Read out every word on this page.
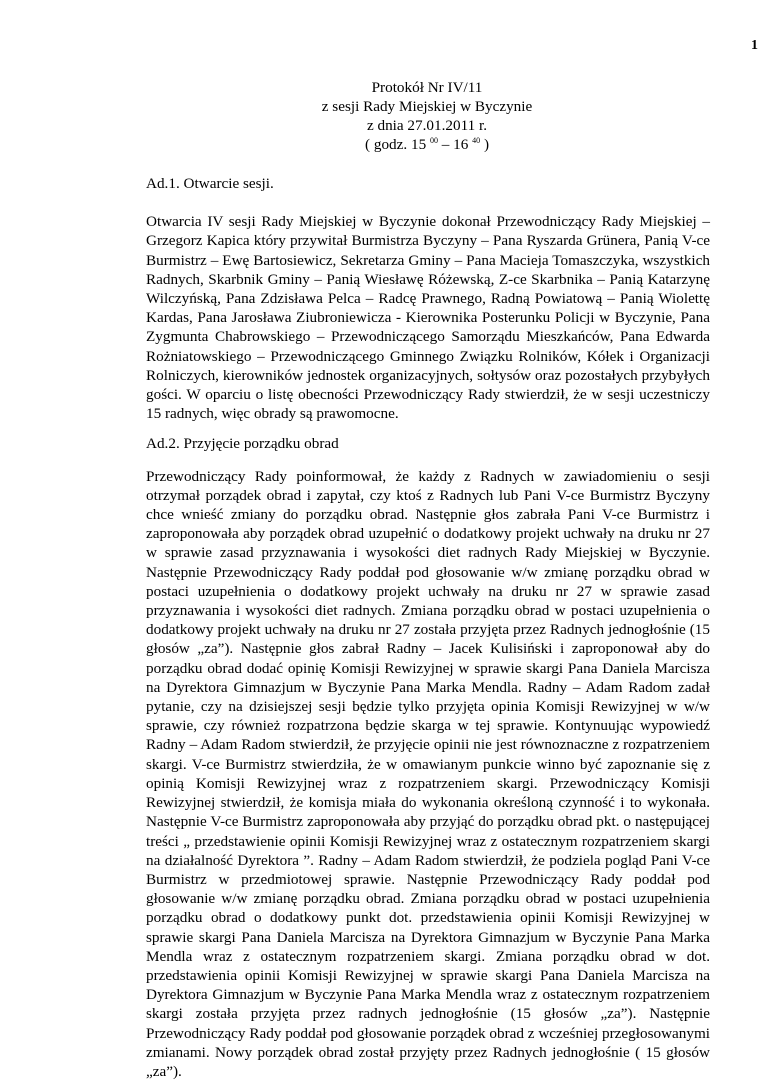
1
Protokół Nr IV/11
z sesji Rady Miejskiej w Byczynie
z dnia 27.01.2011 r.
( godz. 15 $^{00}$ – 16 $^{40}$ )

Ad.1. Otwarcie sesji.

Otwarcia IV sesji Rady Miejskiej w Byczynie dokonał Przewodniczący Rady Miejskiej – Grzegorz Kapica który przywitał Burmistrza Byczyny – Pana Ryszarda Grünera, Panią V-ce Burmistrz – Ewę Bartosiewicz, Sekretarza Gminy – Pana Macieja Tomaszczyka, wszystkich Radnych, Skarbnik Gminy – Panią Wiesławę Różewską, Z-ce Skarbnika – Panią Katarzynę Wilczyńską, Pana Zdzisława Pelca – Radcę Prawnego, Radną Powiatową – Panią Wiolettę Kardas, Pana Jarosława Ziubroniewicza - Kierownika Posterunku Policji w Byczynie, Pana Zygmunta Chabrowskiego – Przewodniczącego Samorządu Mieszkańców, Pana Edwarda Rożniatowskiego – Przewodniczącego Gminnego Związku Rolników, Kółek i Organizacji Rolniczych, kierowników jednostek organizacyjnych, sołtysów oraz pozostałych przybyłych gości. W oparciu o listę obecności Przewodniczący Rady stwierdził, że w sesji uczestniczy 15 radnych, więc obrady są prawomocne.

Ad.2. Przyjęcie porządku obrad

Przewodniczący Rady poinformował, że każdy z Radnych w zawiadomieniu o sesji otrzymał porządek obrad i zapytał, czy ktoś z Radnych lub Pani V-ce Burmistrz Byczyny chce wnieść zmiany do porządku obrad. Następnie głos zabrała Pani V-ce Burmistrz i zaproponowała aby porządek obrad uzupełnić o dodatkowy projekt uchwały na druku nr 27 w sprawie zasad przyznawania i wysokości diet radnych Rady Miejskiej w Byczynie. Następnie Przewodniczący Rady poddał pod głosowanie w/w zmianę porządku obrad w postaci uzupełnienia o dodatkowy projekt uchwały na druku nr 27 w sprawie zasad przyznawania i wysokości diet radnych. Zmiana porządku obrad w postaci uzupełnienia o dodatkowy projekt uchwały na druku nr 27 została przyjęta przez Radnych jednogłośnie (15 głosów „za”). Następnie głos zabrał Radny – Jacek Kulisiński i zaproponował aby do porządku obrad dodać opinię Komisji Rewizyjnej w sprawie skargi Pana Daniela Marcisza na Dyrektora Gimnazjum w Byczynie Pana Marka Mendla. Radny – Adam Radom zadał pytanie, czy na dzisiejszej sesji będzie tylko przyjęta opinia Komisji Rewizyjnej w w/w sprawie, czy również rozpatrzona będzie skarga w tej sprawie. Kontynuując wypowiedź Radny – Adam Radom stwierdził, że przyjęcie opinii nie jest równoznaczne z rozpatrzeniem skargi. V-ce Burmistrz stwierdziła, że w omawianym punkcie winno być zapoznanie się z opinią Komisji Rewizyjnej wraz z rozpatrzeniem skargi. Przewodniczący Komisji Rewizyjnej stwierdził, że komisja miała do wykonania określoną czynność i to wykonała. Następnie V-ce Burmistrz zaproponowała aby przyjąć do porządku obrad pkt. o następującej treści „ przedstawienie opinii Komisji Rewizyjnej wraz z ostatecznym rozpatrzeniem skargi na działalność Dyrektora ”. Radny – Adam Radom stwierdził, że podziela pogląd Pani V-ce Burmistrz w przedmiotowej sprawie. Następnie Przewodniczący Rady poddał pod głosowanie w/w zmianę porządku obrad. Zmiana porządku obrad w postaci uzupełnienia porządku obrad o dodatkowy punkt dot. przedstawienia opinii Komisji Rewizyjnej w sprawie skargi Pana Daniela Marcisza na Dyrektora Gimnazjum w Byczynie Pana Marka Mendla wraz z ostatecznym rozpatrzeniem skargi. Zmiana porządku obrad w dot. przedstawienia opinii Komisji Rewizyjnej w sprawie skargi Pana Daniela Marcisza na Dyrektora Gimnazjum w Byczynie Pana Marka Mendla wraz z ostatecznym rozpatrzeniem skargi została przyjęta przez radnych jednogłośnie (15 głosów „za”). Następnie Przewodniczący Rady poddał pod głosowanie porządek obrad z wcześniej przegłosowanymi zmianami. Nowy porządek obrad został przyjęty przez Radnych jednogłośnie ( 15 głosów „za”).
